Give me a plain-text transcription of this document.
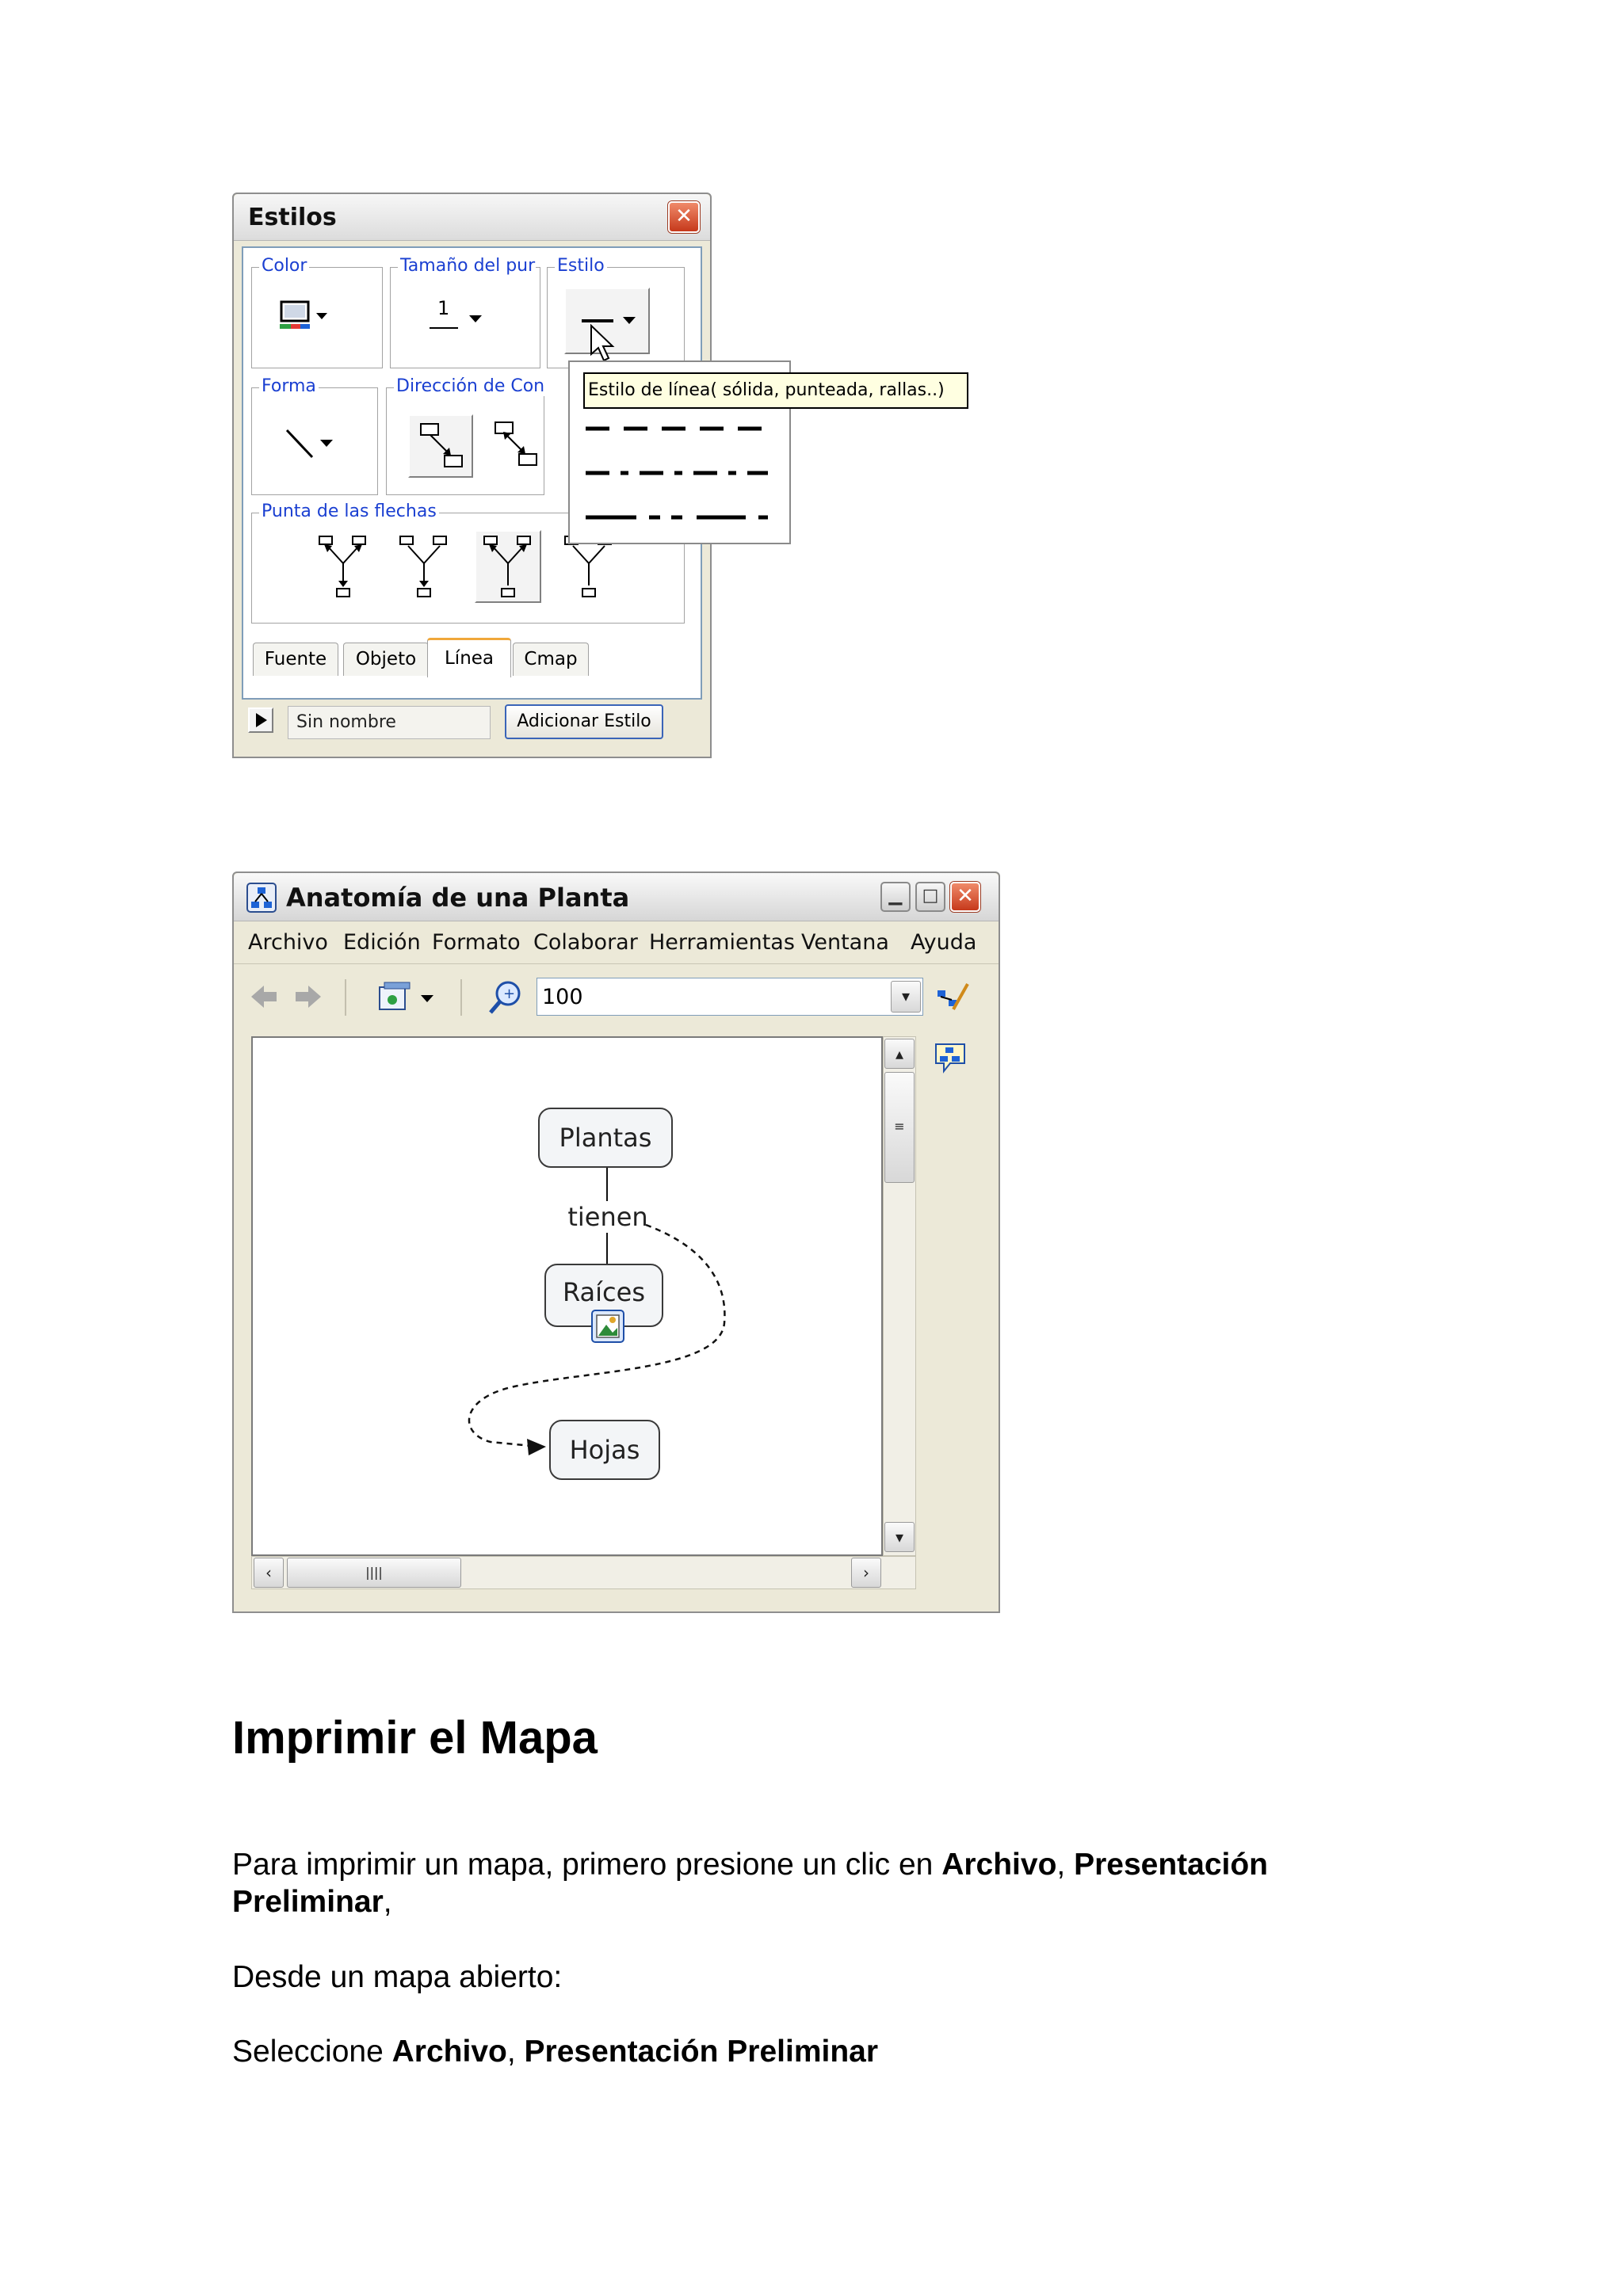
Estilos	✕
Color	Tamaño del pur
1
Estilo
Forma	Dirección de Con
Punta de las flechas
Fuente	Objeto	Línea	Cmap
Sin nombre	Adicionar Estilo
Estilo de línea( sólida, punteada, rallas..)
Anatomía de una Planta	▁	□ ✕
Archivo Edición Formato Colaborar Herramientas Ventana Ayuda
+ 100	▾
Plantas
tienen
Raíces
Hojas
▴
≡
▾
‹	||||	›
Imprimir el Mapa
Para imprimir un mapa, primero presione un clic en Archivo, Presentación Preliminar,
Desde un mapa abierto:
Seleccione Archivo, Presentación Preliminar
